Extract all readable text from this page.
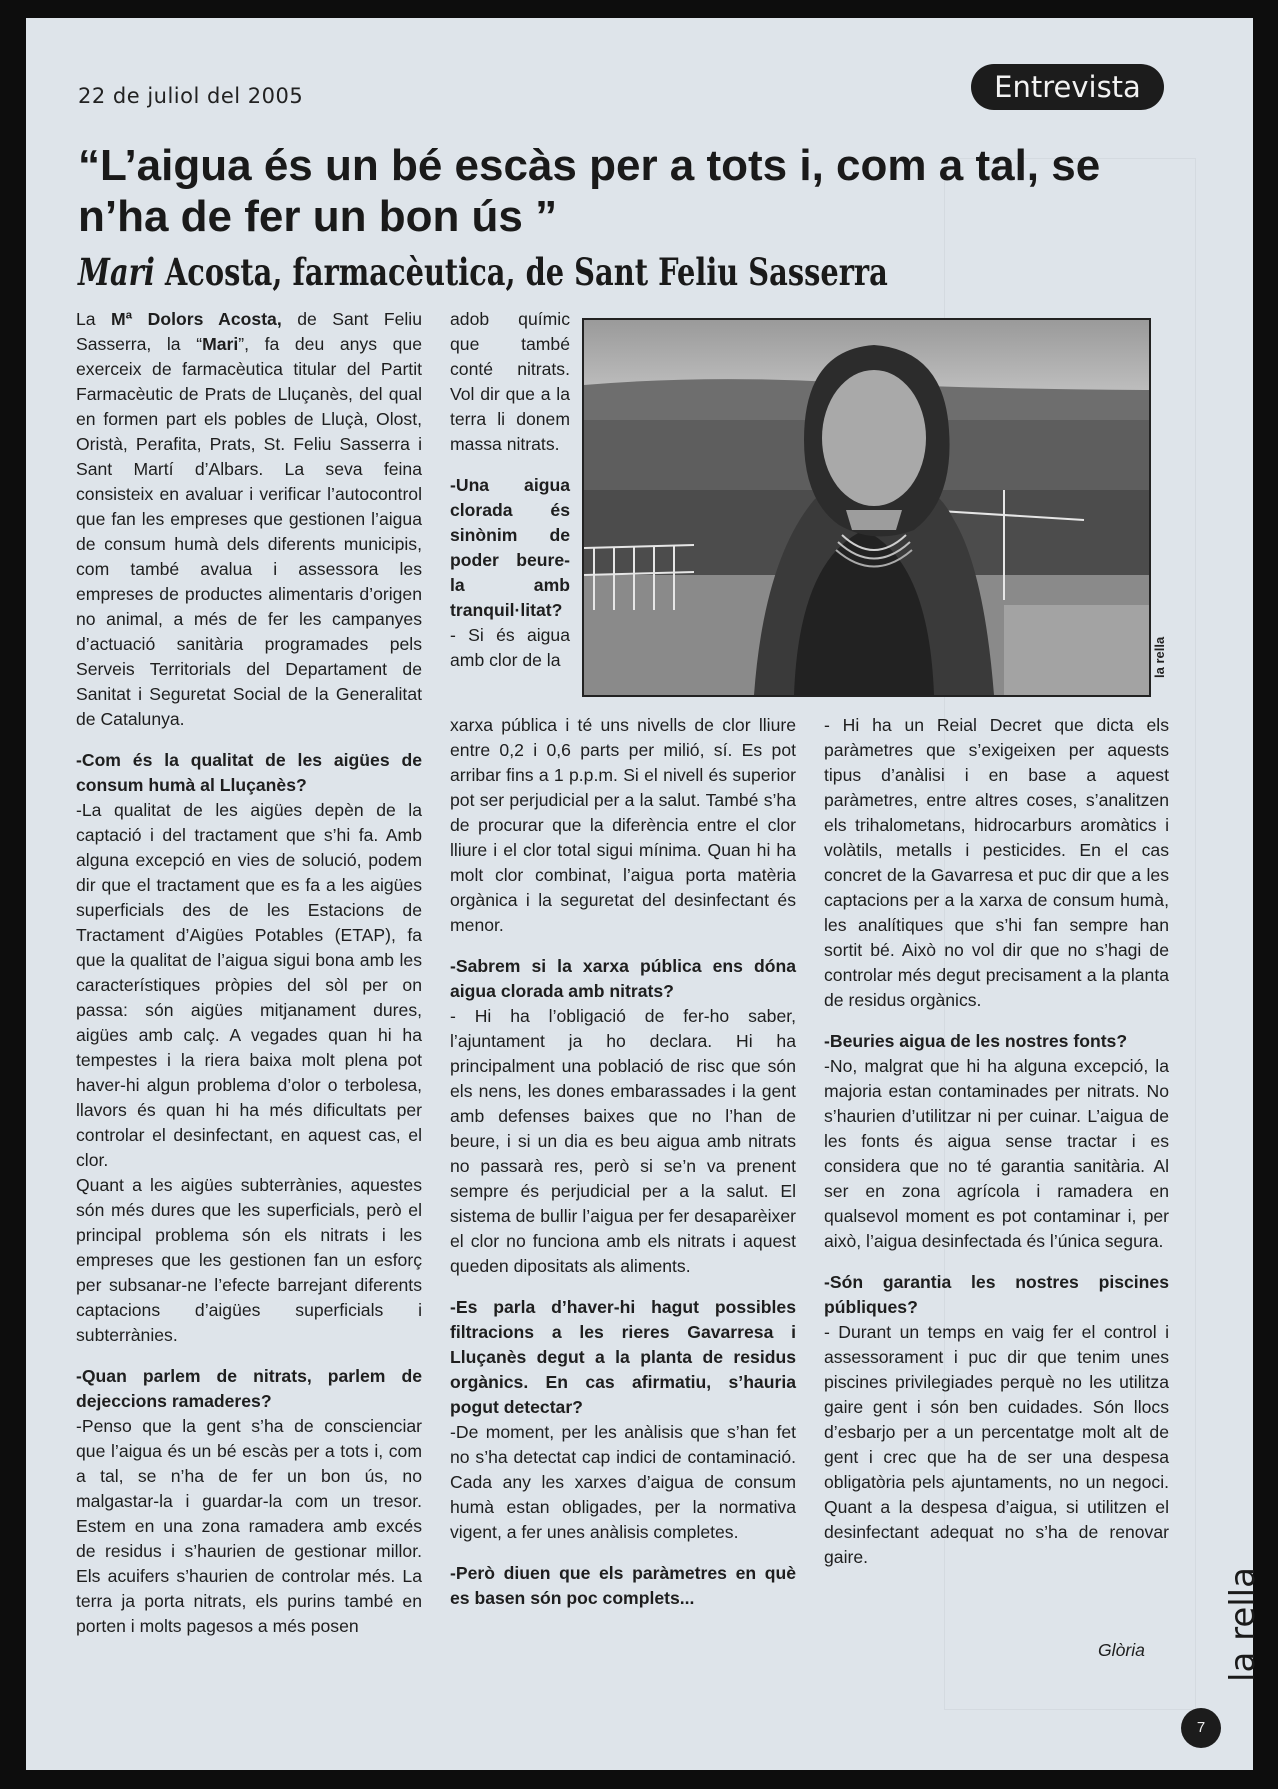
22 de juliol del 2005	Entrevista
“L’aigua és un bé escàs per a tots i, com a tal, se n’ha de fer un bon ús ”
Mari Acosta, farmacèutica, de Sant Feliu Sasserra

La Mª Dolors Acosta, de Sant Feliu Sasserra, la “Mari”, fa deu anys que exerceix de farmacèutica titular del Partit Farmacèutic de Prats de Lluçanès, del qual en formen part els pobles de Lluçà, Olost, Oristà, Perafita, Prats, St. Feliu Sasserra i Sant Martí d’Albars. La seva feina consisteix en avaluar i verificar l’autocontrol que fan les empreses que gestionen l’aigua de consum humà dels diferents municipis, com també avalua i assessora les empreses de productes alimentaris d’origen no animal, a més de fer les campanyes d’actuació sanitària programades pels Serveis Territorials del Departament de Sanitat i Seguretat Social de la Generalitat de Catalunya.

-Com és la qualitat de les aigües de consum humà al Lluçanès?

-La qualitat de les aigües depèn de la captació i del tractament que s’hi fa. Amb alguna excepció en vies de solució, podem dir que el tractament que es fa a les aigües superficials des de les Estacions de Tractament d’Aigües Potables (ETAP), fa que la qualitat de l’aigua sigui bona amb les característiques pròpies del sòl per on passa: són aigües mitjanament dures, aigües amb calç. A vegades quan hi ha tempestes i la riera baixa molt plena pot haver-hi algun problema d’olor o terbolesa, llavors és quan hi ha més dificultats per controlar el desinfectant, en aquest cas, el clor.

Quant a les aigües subterrànies, aquestes són més dures que les superficials, però el principal problema són els nitrats i les empreses que les gestionen fan un esforç per subsanar-ne l’efecte barrejant diferents captacions d’aigües superficials i subterrànies.

-Quan parlem de nitrats, parlem de dejeccions ramaderes?

-Penso que la gent s’ha de conscienciar que l’aigua és un bé escàs per a tots i, com a tal, se n’ha de fer un bon ús, no malgastar-la i guardar-la com un tresor. Estem en una zona ramadera amb excés de residus i s’haurien de gestionar millor. Els acuifers s’haurien de controlar més. La terra ja porta nitrats, els purins també en porten i molts pagesos a més posen

adob químic que també conté nitrats. Vol dir que a la terra li donem massa nitrats.

-Una aigua clorada és sinònim de poder beure-la amb tranquil·litat?

- Si és aigua amb clor de la	la rella

xarxa pública i té uns nivells de clor lliure entre 0,2 i 0,6 parts per milió, sí. Es pot arribar fins a 1 p.p.m. Si el nivell és superior pot ser perjudicial per a la salut. També s’ha de procurar que la diferència entre el clor lliure i el clor total sigui mínima. Quan hi ha molt clor combinat, l’aigua porta matèria orgànica i la seguretat del desinfectant és menor.

-Sabrem si la xarxa pública ens dóna aigua clorada amb nitrats?

- Hi ha l’obligació de fer-ho saber, l’ajuntament ja ho declara. Hi ha principalment una població de risc que són els nens, les dones embarassades i la gent amb defenses baixes que no l’han de beure, i si un dia es beu aigua amb nitrats no passarà res, però si se’n va prenent sempre és perjudicial per a la salut. El sistema de bullir l’aigua per fer desaparèixer el clor no funciona amb els nitrats i aquest queden dipositats als aliments.

-Es parla d’haver-hi hagut possibles filtracions a les rieres Gavarresa i Lluçanès degut a la planta de residus orgànics. En cas afirmatiu, s’hauria pogut detectar?

-De moment, per les anàlisis que s’han fet no s’ha detectat cap indici de contaminació. Cada any les xarxes d’aigua de consum humà estan obligades, per la normativa vigent, a fer unes anàlisis completes.

-Però diuen que els paràmetres en què es basen són poc complets...

- Hi ha un Reial Decret que dicta els paràmetres que s’exigeixen per aquests tipus d’anàlisi i en base a aquest paràmetres, entre altres coses, s’analitzen els trihalometans, hidrocarburs aromàtics i volàtils, metalls i pesticides. En el cas concret de la Gavarresa et puc dir que a les captacions per a la xarxa de consum humà, les analítiques que s’hi fan sempre han sortit bé. Això no vol dir que no s’hagi de controlar més degut precisament a la planta de residus orgànics.

-Beuries aigua de les nostres fonts?

-No, malgrat que hi ha alguna excepció, la majoria estan contaminades per nitrats. No s’haurien d’utilitzar ni per cuinar. L’aigua de les fonts és aigua sense tractar i es considera que no té garantia sanitària. Al ser en zona agrícola i ramadera en qualsevol moment es pot contaminar i, per això, l’aigua desinfectada és l’única segura.

-Són garantia les nostres piscines públiques?

- Durant un temps en vaig fer el control i assessorament i puc dir que tenim unes piscines privilegiades perquè no les utilitza gaire gent i són ben cuidades. Són llocs d’esbarjo per a un percentatge molt alt de gent i crec que ha de ser una despesa obligatòria pels ajuntaments, no un negoci. Quant a la despesa d’aigua, si utilitzen el desinfectant adequat no s’ha de renovar gaire.

Glòria la rella
7
